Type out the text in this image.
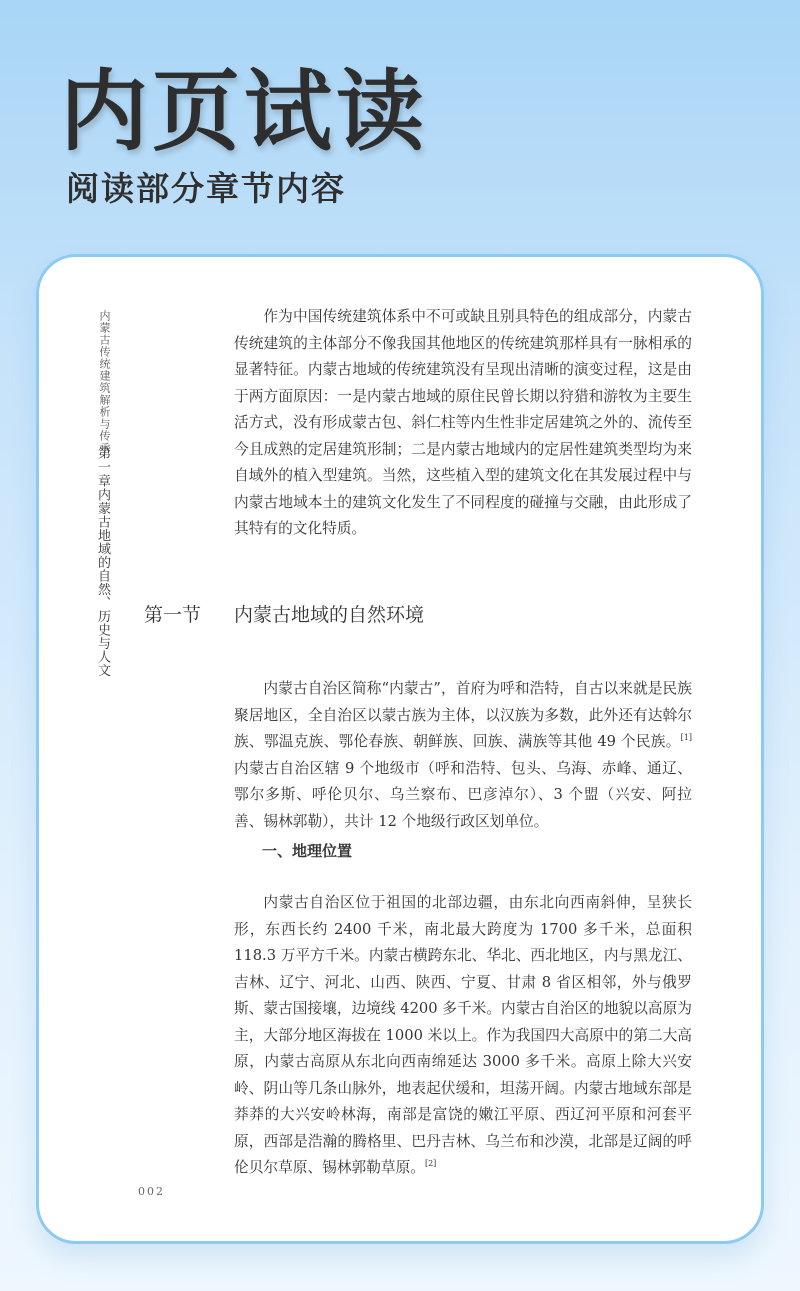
内页试读
阅读部分章节内容
内蒙古传统建筑解析与传承
第一章
内蒙古地域的自然、历史与人文

作为中国传统建筑体系中不可或缺且别具特色的组成部分，内蒙古传统建筑的主体部分不像我国其他地区的传统建筑那样具有一脉相承的显著特征。内蒙古地域的传统建筑没有呈现出清晰的演变过程，这是由于两方面原因：一是内蒙古地域的原住民曾长期以狩猎和游牧为主要生活方式，没有形成蒙古包、斜仁柱等内生性非定居建筑之外的、流传至今且成熟的定居建筑形制；二是内蒙古地域内的定居性建筑类型均为来自域外的植入型建筑。当然，这些植入型的建筑文化在其发展过程中与内蒙古地域本土的建筑文化发生了不同程度的碰撞与交融，由此形成了其特有的文化特质。

第一节 内蒙古地域的自然环境

内蒙古自治区简称“内蒙古”，首府为呼和浩特，自古以来就是民族聚居地区，全自治区以蒙古族为主体，以汉族为多数，此外还有达斡尔族、鄂温克族、鄂伦春族、朝鲜族、回族、满族等其他 49 个民族。[1] 内蒙古自治区辖 9 个地级市（呼和浩特、包头、乌海、赤峰、通辽、鄂尔多斯、呼伦贝尔、乌兰察布、巴彦淖尔）、3 个盟（兴安、阿拉善、锡林郭勒），共计 12 个地级行政区划单位。

一、地理位置

内蒙古自治区位于祖国的北部边疆，由东北向西南斜伸，呈狭长形，东西长约 2400 千米，南北最大跨度为 1700 多千米，总面积 118.3 万平方千米。内蒙古横跨东北、华北、西北地区，内与黑龙江、吉林、辽宁、河北、山西、陕西、宁夏、甘肃 8 省区相邻，外与俄罗斯、蒙古国接壤，边境线 4200 多千米。内蒙古自治区的地貌以高原为主，大部分地区海拔在 1000 米以上。作为我国四大高原中的第二大高原，内蒙古高原从东北向西南绵延达 3000 多千米。高原上除大兴安岭、阴山等几条山脉外，地表起伏缓和，坦荡开阔。内蒙古地域东部是莽莽的大兴安岭林海，南部是富饶的嫩江平原、西辽河平原和河套平原，西部是浩瀚的腾格里、巴丹吉林、乌兰布和沙漠，北部是辽阔的呼伦贝尔草原、锡林郭勒草原。[2]

002
